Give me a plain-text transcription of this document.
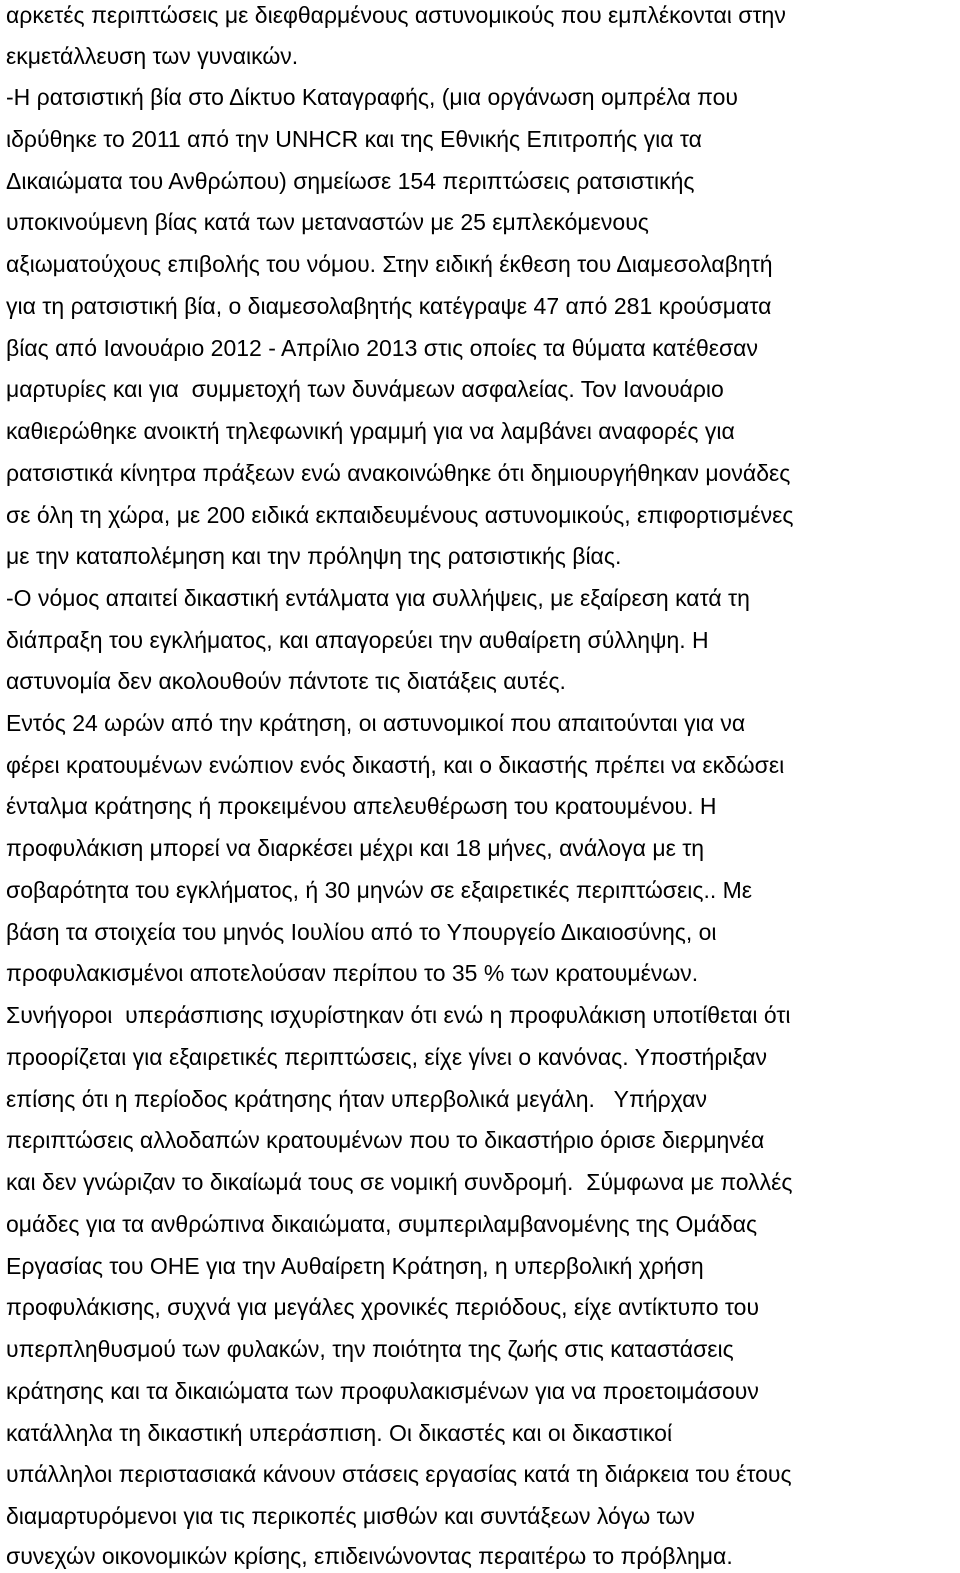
αρκετές περιπτώσεις με διεφθαρμένους αστυνομικούς που εμπλέκονται στην
εκμετάλλευση των γυναικών.
-Η ρατσιστική βία στο Δίκτυο Καταγραφής, (μια οργάνωση ομπρέλα που
ιδρύθηκε το 2011 από την UNHCR και της Εθνικής Επιτροπής για τα
Δικαιώματα του Ανθρώπου) σημείωσε 154 περιπτώσεις ρατσιστικής
υποκινούμενη βίας κατά των μεταναστών με 25 εμπλεκόμενους
αξιωματούχους επιβολής του νόμου. Στην ειδική έκθεση του Διαμεσολαβητή
για τη ρατσιστική βία, ο διαμεσολαβητής κατέγραψε 47 από 281 κρούσματα
βίας από Ιανουάριο 2012 - Απρίλιο 2013 στις οποίες τα θύματα κατέθεσαν
μαρτυρίες και για  συμμετοχή των δυνάμεων ασφαλείας. Τον Ιανουάριο
καθιερώθηκε ανοικτή τηλεφωνική γραμμή για να λαμβάνει αναφορές για
ρατσιστικά κίνητρα πράξεων ενώ ανακοινώθηκε ότι δημιουργήθηκαν μονάδες
σε όλη τη χώρα, με 200 ειδικά εκπαιδευμένους αστυνομικούς, επιφορτισμένες
με την καταπολέμηση και την πρόληψη της ρατσιστικής βίας.
-Ο νόμος απαιτεί δικαστική εντάλματα για συλλήψεις, με εξαίρεση κατά τη
διάπραξη του εγκλήματος, και απαγορεύει την αυθαίρετη σύλληψη. Η
αστυνομία δεν ακολουθούν πάντοτε τις διατάξεις αυτές.
Εντός 24 ωρών από την κράτηση, οι αστυνομικοί που απαιτούνται για να
φέρει κρατουμένων ενώπιον ενός δικαστή, και ο δικαστής πρέπει να εκδώσει
ένταλμα κράτησης ή προκειμένου απελευθέρωση του κρατουμένου. Η
προφυλάκιση μπορεί να διαρκέσει μέχρι και 18 μήνες, ανάλογα με τη
σοβαρότητα του εγκλήματος, ή 30 μηνών σε εξαιρετικές περιπτώσεις.. Με
βάση τα στοιχεία του μηνός Ιουλίου από το Υπουργείο Δικαιοσύνης, οι
προφυλακισμένοι αποτελούσαν περίπου το 35 % των κρατουμένων.
Συνήγοροι  υπεράσπισης ισχυρίστηκαν ότι ενώ η προφυλάκιση υποτίθεται ότι
προορίζεται για εξαιρετικές περιπτώσεις, είχε γίνει ο κανόνας. Υποστήριξαν
επίσης ότι η περίοδος κράτησης ήταν υπερβολικά μεγάλη.   Υπήρχαν
περιπτώσεις αλλοδαπών κρατουμένων που το δικαστήριο όρισε διερμηνέα
και δεν γνώριζαν το δικαίωμά τους σε νομική συνδρομή.  Σύμφωνα με πολλές
ομάδες για τα ανθρώπινα δικαιώματα, συμπεριλαμβανομένης της Ομάδας
Εργασίας του ΟΗΕ για την Αυθαίρετη Κράτηση, η υπερβολική χρήση
προφυλάκισης, συχνά για μεγάλες χρονικές περιόδους, είχε αντίκτυπο του
υπερπληθυσμού των φυλακών, την ποιότητα της ζωής στις καταστάσεις
κράτησης και τα δικαιώματα των προφυλακισμένων για να προετοιμάσουν
κατάλληλα τη δικαστική υπεράσπιση. Οι δικαστές και οι δικαστικοί
υπάλληλοι περιστασιακά κάνουν στάσεις εργασίας κατά τη διάρκεια του έτους
διαμαρτυρόμενοι για τις περικοπές μισθών και συντάξεων λόγω των
συνεχών οικονομικών κρίσης, επιδεινώνοντας περαιτέρω το πρόβλημα.
